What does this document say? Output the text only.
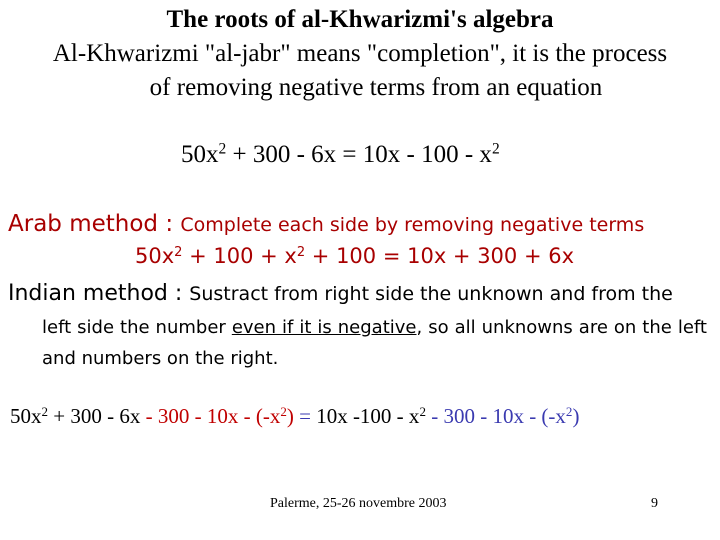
The roots of al-Khwarizmi's algebra
Al-Khwarizmi "al-jabr" means "completion", it is the process
of removing negative terms from an equation
$50x^2 + 300 - 6x = 10x - 100 - x^2$
Arab method : Complete each side by removing negative terms
$50x^2 + 100 + x^2 + 100 = 10x + 300 + 6x$
Indian method : Sustract from right side the unknown and from the
left side the number even if it is negative, so all unknowns are on the left and numbers on the right.
$50x^2 + 300 - 6x - 300 - 10x - (-x^2) = 10x$ $-100 - x^2 - 300 - 10x - (-x^2)$
Palerme, 25-26 novembre 2003	9
